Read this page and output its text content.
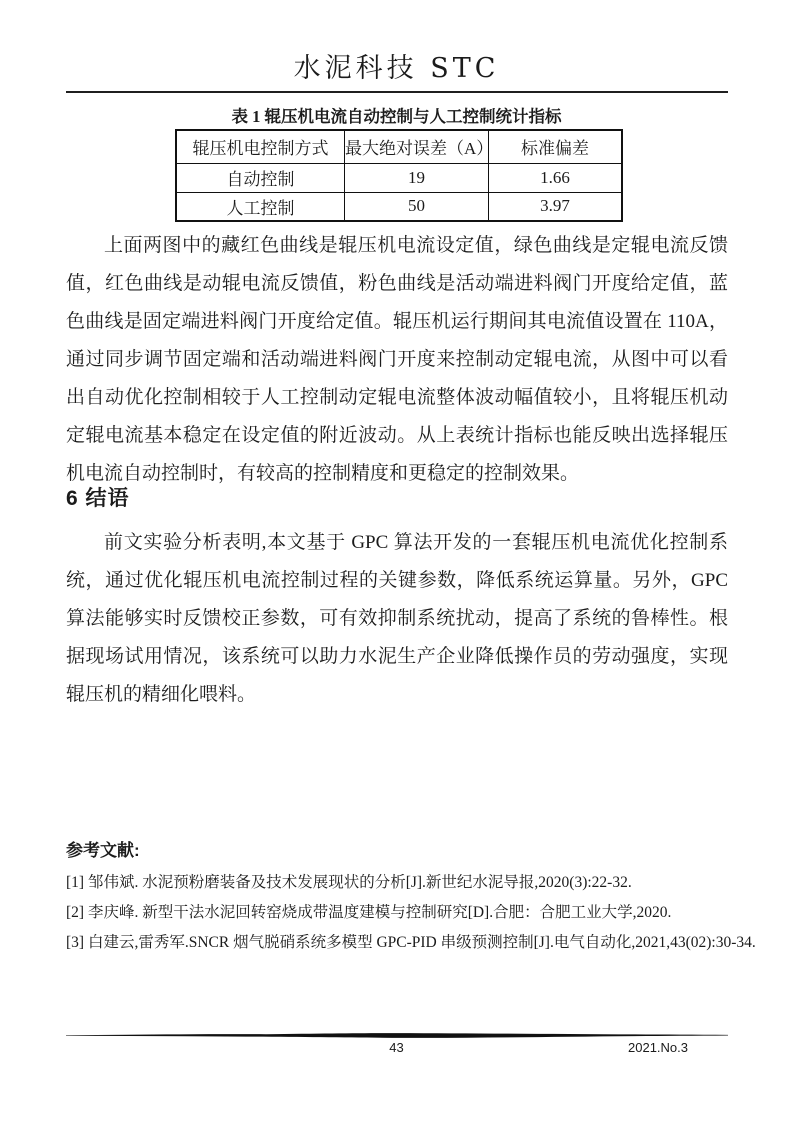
水泥科技 STC
表 1 辊压机电流自动控制与人工控制统计指标
辊压机电控制方式	最大绝对误差（A）	标准偏差
自动控制	19	1.66
人工控制	50	3.97

上面两图中的藏红色曲线是辊压机电流设定值，绿色曲线是定辊电流反馈值，红色曲线是动辊电流反馈值，粉色曲线是活动端进料阀门开度给定值，蓝色曲线是固定端进料阀门开度给定值。辊压机运行期间其电流值设置在 110A，通过同步调节固定端和活动端进料阀门开度来控制动定辊电流，从图中可以看出自动优化控制相较于人工控制动定辊电流整体波动幅值较小，且将辊压机动定辊电流基本稳定在设定值的附近波动。从上表统计指标也能反映出选择辊压机电流自动控制时，有较高的控制精度和更稳定的控制效果。

6 结语

前文实验分析表明,本文基于 GPC 算法开发的一套辊压机电流优化控制系统，通过优化辊压机电流控制过程的关键参数，降低系统运算量。另外，GPC 算法能够实时反馈校正参数，可有效抑制系统扰动，提高了系统的鲁棒性。根据现场试用情况，该系统可以助力水泥生产企业降低操作员的劳动强度，实现辊压机的精细化喂料。

参考文献:
[1] 邹伟斌. 水泥预粉磨装备及技术发展现状的分析[J].新世纪水泥导报,2020(3):22-32.
[2] 李庆峰. 新型干法水泥回转窑烧成带温度建模与控制研究[D].合肥：合肥工业大学,2020.
[3] 白建云,雷秀军.SNCR 烟气脱硝系统多模型 GPC-PID 串级预测控制[J].电气自动化,2021,43(02):30-34.
43	2021.No.3
